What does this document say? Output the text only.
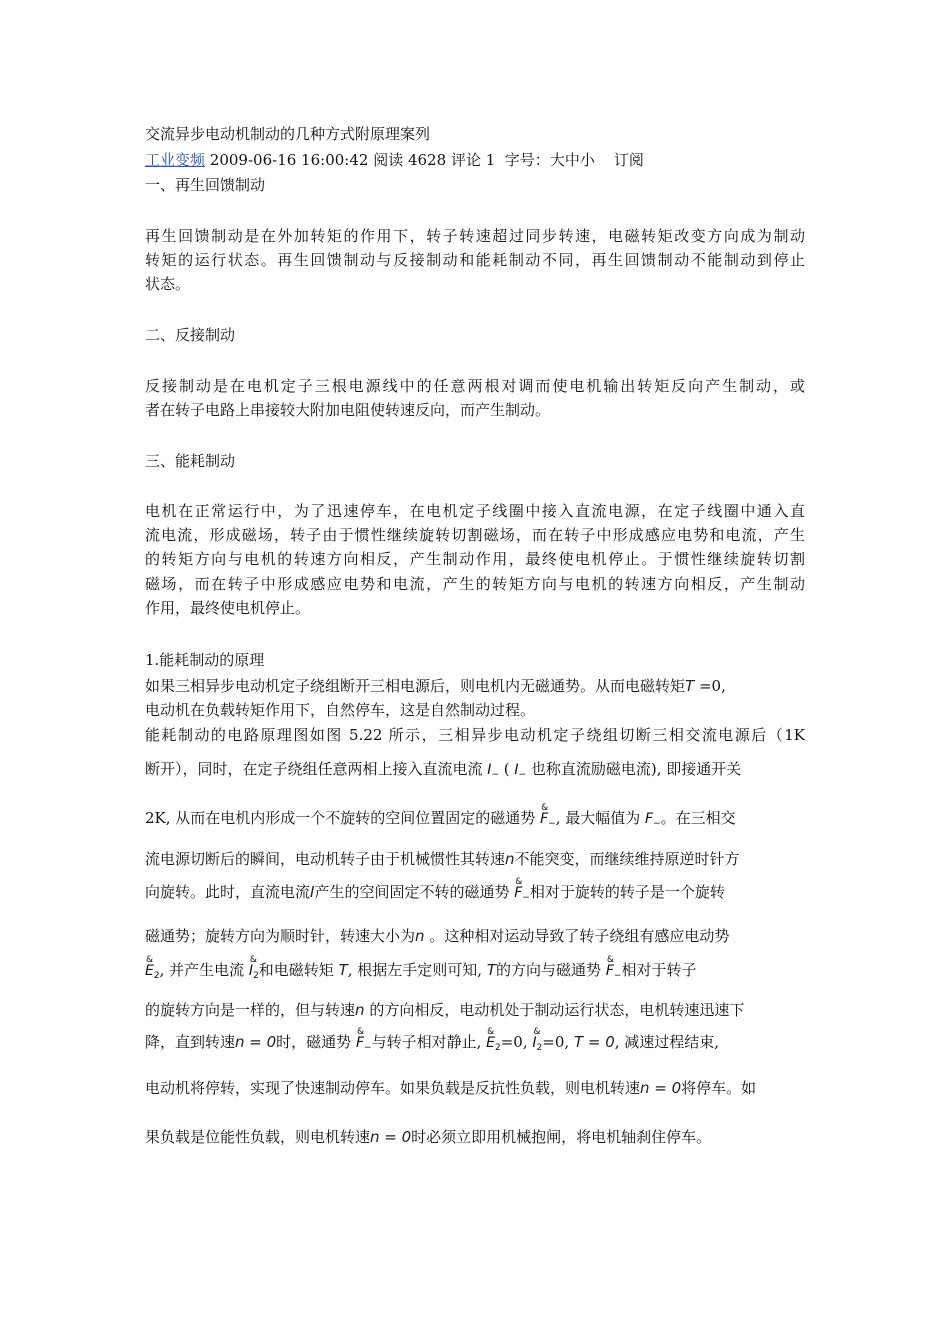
交流异步电动机制动的几种方式附原理案列

工业变频 2009-06-16 16:00:42 阅读 4628 评论 1 字号：大中小 订阅

一、再生回馈制动

再生回馈制动是在外加转矩的作用下，转子转速超过同步转速，电磁转矩改变方向成为制动

转矩的运行状态。再生回馈制动与反接制动和能耗制动不同，再生回馈制动不能制动到停止

状态。

二、反接制动

反接制动是在电机定子三根电源线中的任意两根对调而使电机输出转矩反向产生制动，或

者在转子电路上串接较大附加电阻使转速反向，而产生制动。

三、能耗制动

电机在正常运行中，为了迅速停车，在电机定子线圈中接入直流电源，在定子线圈中通入直

流电流，形成磁场，转子由于惯性继续旋转切割磁场，而在转子中形成感应电势和电流，产生

的转矩方向与电机的转速方向相反，产生制动作用，最终使电机停止。于惯性继续旋转切割

磁场，而在转子中形成感应电势和电流，产生的转矩方向与电机的转速方向相反，产生制动

作用，最终使电机停止。

1.能耗制动的原理

如果三相异步电动机定子绕组断开三相电源后，则电机内无磁通势。从而电磁转矩T =0,

电动机在负载转矩作用下，自然停车，这是自然制动过程。

能耗制动的电路原理图如图 5.22 所示，三相异步电动机定子绕组切断三相交流电源后（1K

断开），同时，在定子绕组任意两相上接入直流电流 $I_-$ ( $I_-$ 也称直流励磁电流), 即接通开关

2K, 从而在电机内形成一个不旋转的空间位置固定的磁通势
&
$F_-$, 最大幅值为 $F_-$。在三相交

流电源切断后的瞬间，电动机转子由于机械惯性其转速n不能突变，而继续维持原逆时针方

向旋转。此时，直流电流I产生的空间固定不转的磁通势
&
$F_-$相对于旋转的转子是一个旋转

磁通势；旋转方向为顺时针，转速大小为n 。这种相对运动导致了转子绕组有感应电动势

&
$E_2$, 并产生电流
&
$I_2$和电磁转矩 T, 根据左手定则可知, T的方向与磁通势
&
$F_-$相对于转子

的旋转方向是一样的，但与转速n 的方向相反，电动机处于制动运行状态，电机转速迅速下

降，直到转速n = 0时，磁通势
&
$F_-$与转子相对静止,
&
$E_2=0$,
&
$I_2=0$, T = 0, 减速过程结束,

电动机将停转，实现了快速制动停车。如果负载是反抗性负载，则电机转速n = 0将停车。如

果负载是位能性负载，则电机转速n = 0时必须立即用机械抱闸，将电机轴刹住停车。
